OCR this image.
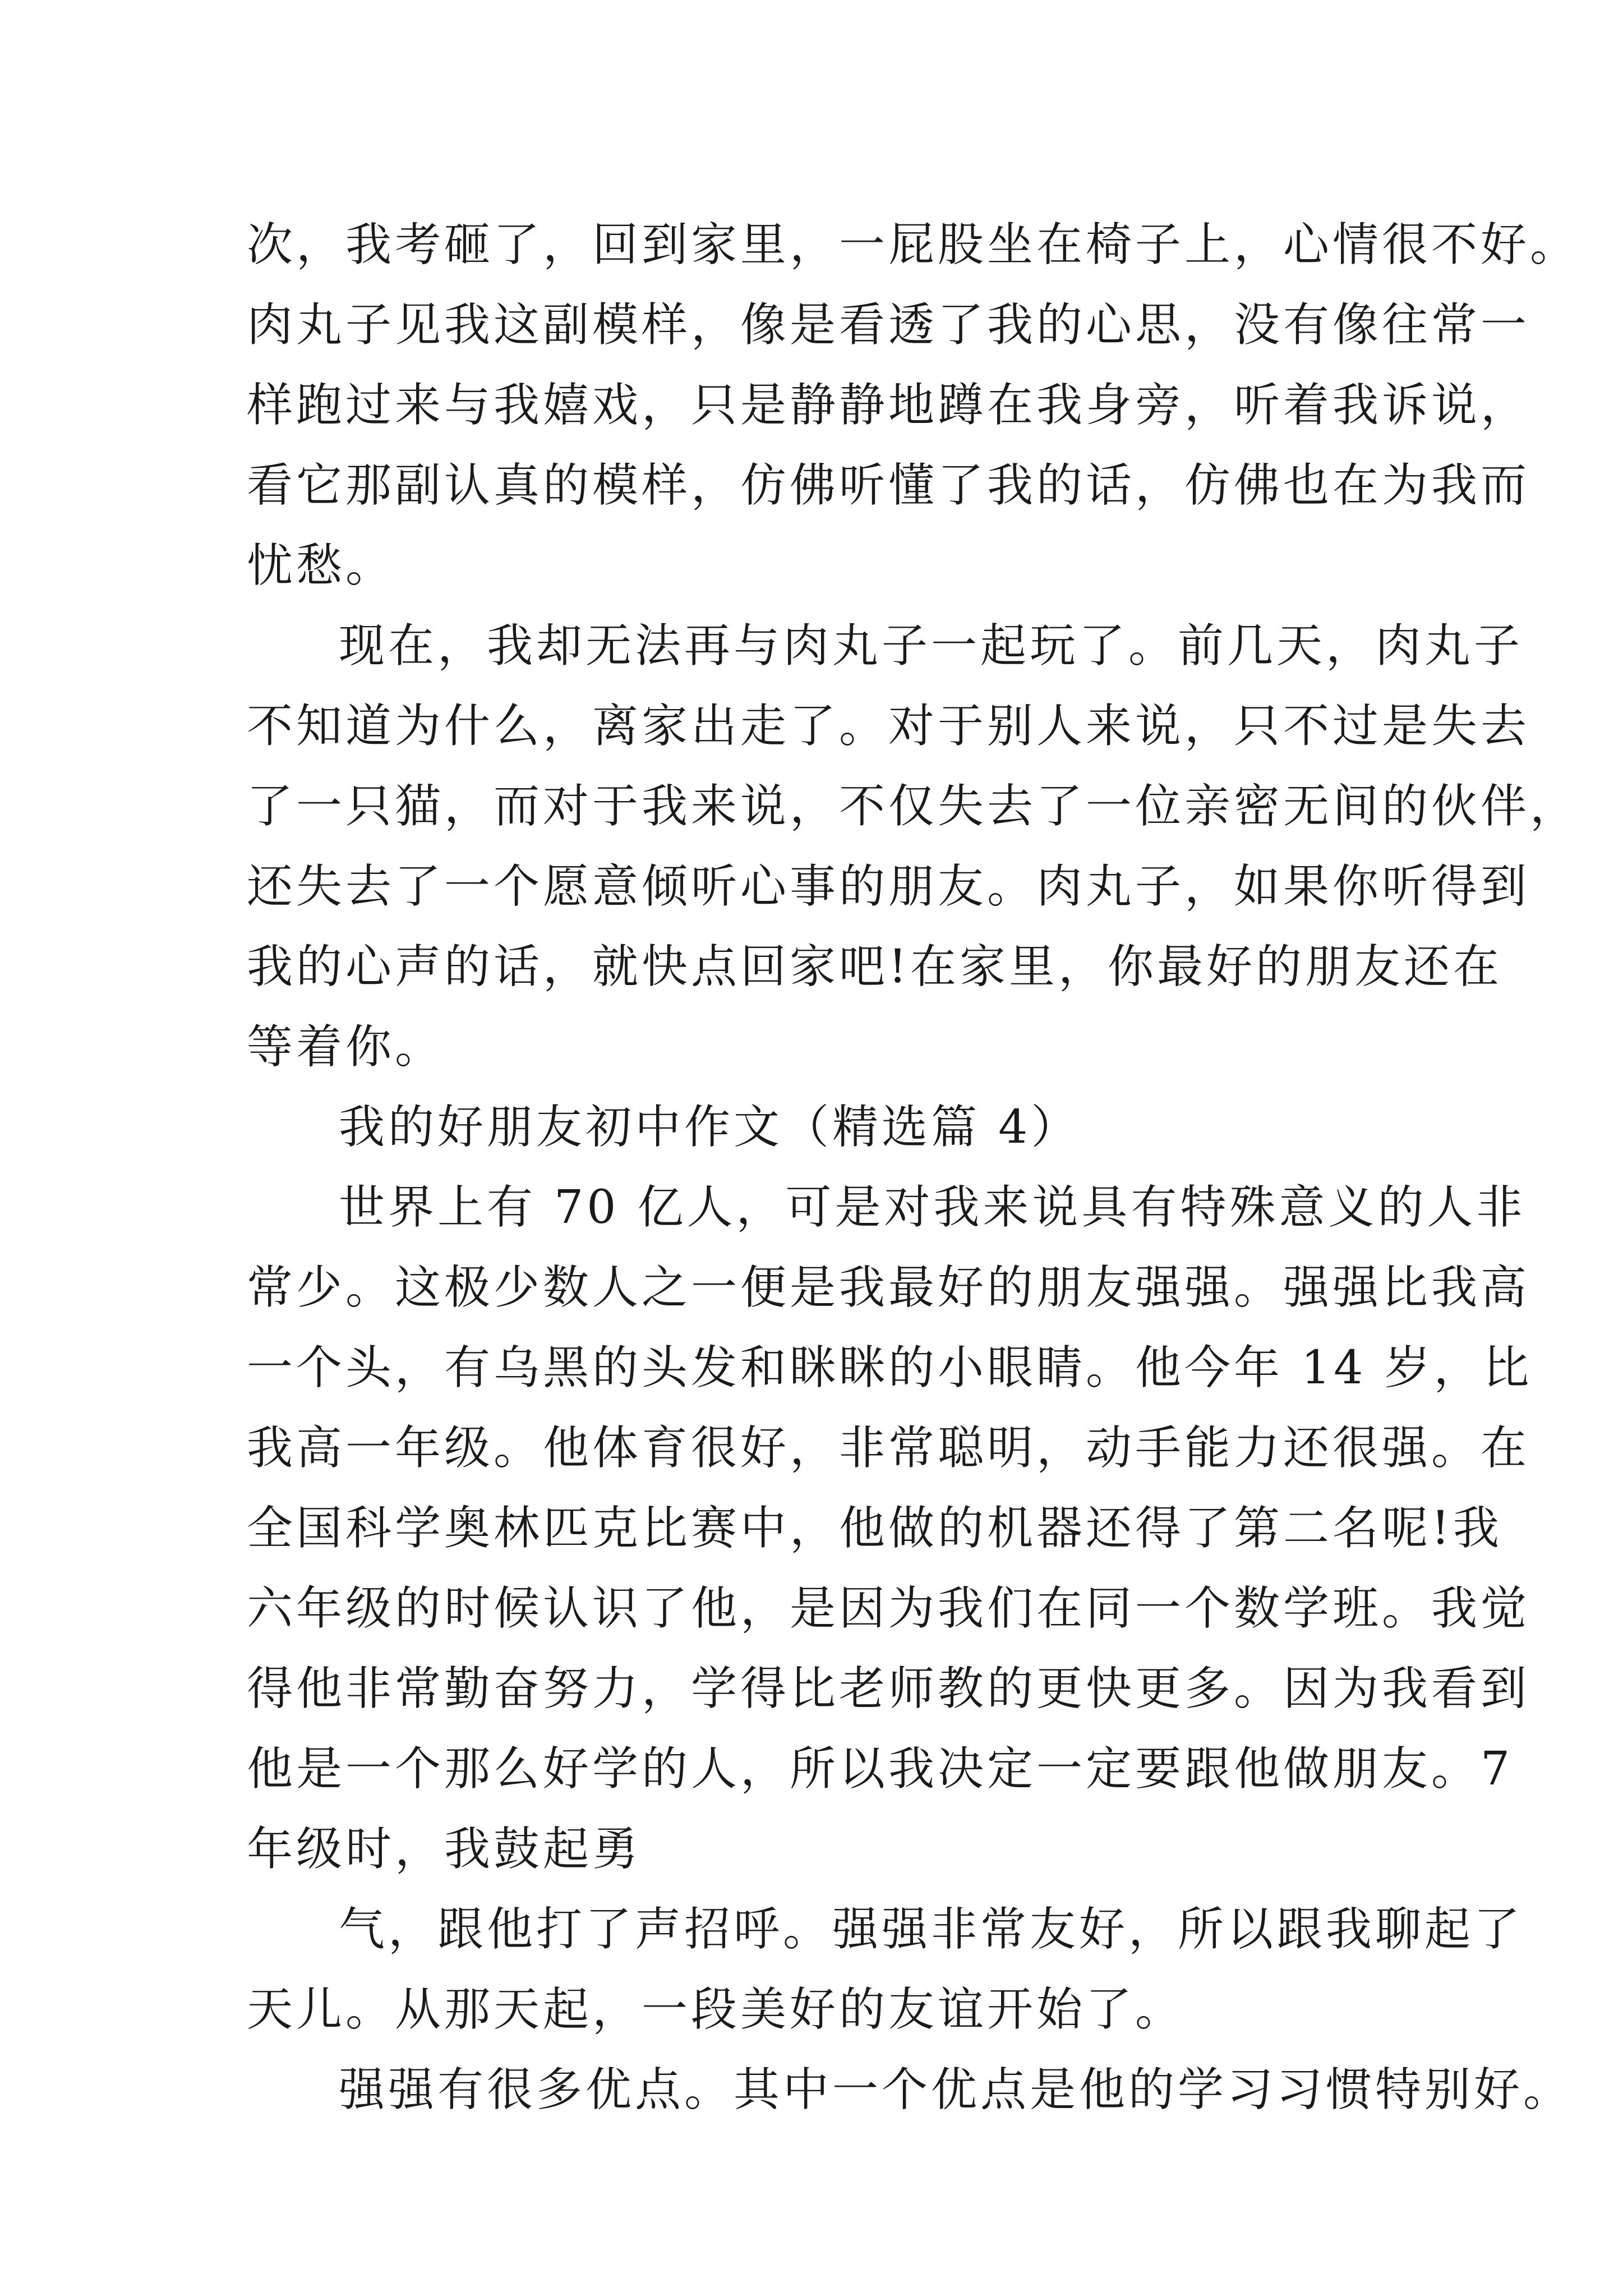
次，我考砸了，回到家里，一屁股坐在椅子上，心情很不好。
肉丸子见我这副模样，像是看透了我的心思，没有像往常一
样跑过来与我嬉戏，只是静静地蹲在我身旁，听着我诉说，
看它那副认真的模样，仿佛听懂了我的话，仿佛也在为我而
忧愁。
现在，我却无法再与肉丸子一起玩了。前几天，肉丸子
不知道为什么，离家出走了。对于别人来说，只不过是失去
了一只猫，而对于我来说，不仅失去了一位亲密无间的伙伴，
还失去了一个愿意倾听心事的朋友。肉丸子，如果你听得到
我的心声的话，就快点回家吧!在家里，你最好的朋友还在
等着你。
我的好朋友初中作文（精选篇 4）
世界上有 70 亿人，可是对我来说具有特殊意义的人非
常少。这极少数人之一便是我最好的朋友强强。强强比我高
一个头，有乌黑的头发和眯眯的小眼睛。他今年 14 岁，比
我高一年级。他体育很好，非常聪明，动手能力还很强。在
全国科学奥林匹克比赛中，他做的机器还得了第二名呢!我
六年级的时候认识了他，是因为我们在同一个数学班。我觉
得他非常勤奋努力，学得比老师教的更快更多。因为我看到
他是一个那么好学的人，所以我决定一定要跟他做朋友。7
年级时，我鼓起勇
气，跟他打了声招呼。强强非常友好，所以跟我聊起了
天儿。从那天起，一段美好的友谊开始了。
强强有很多优点。其中一个优点是他的学习习惯特别好。
